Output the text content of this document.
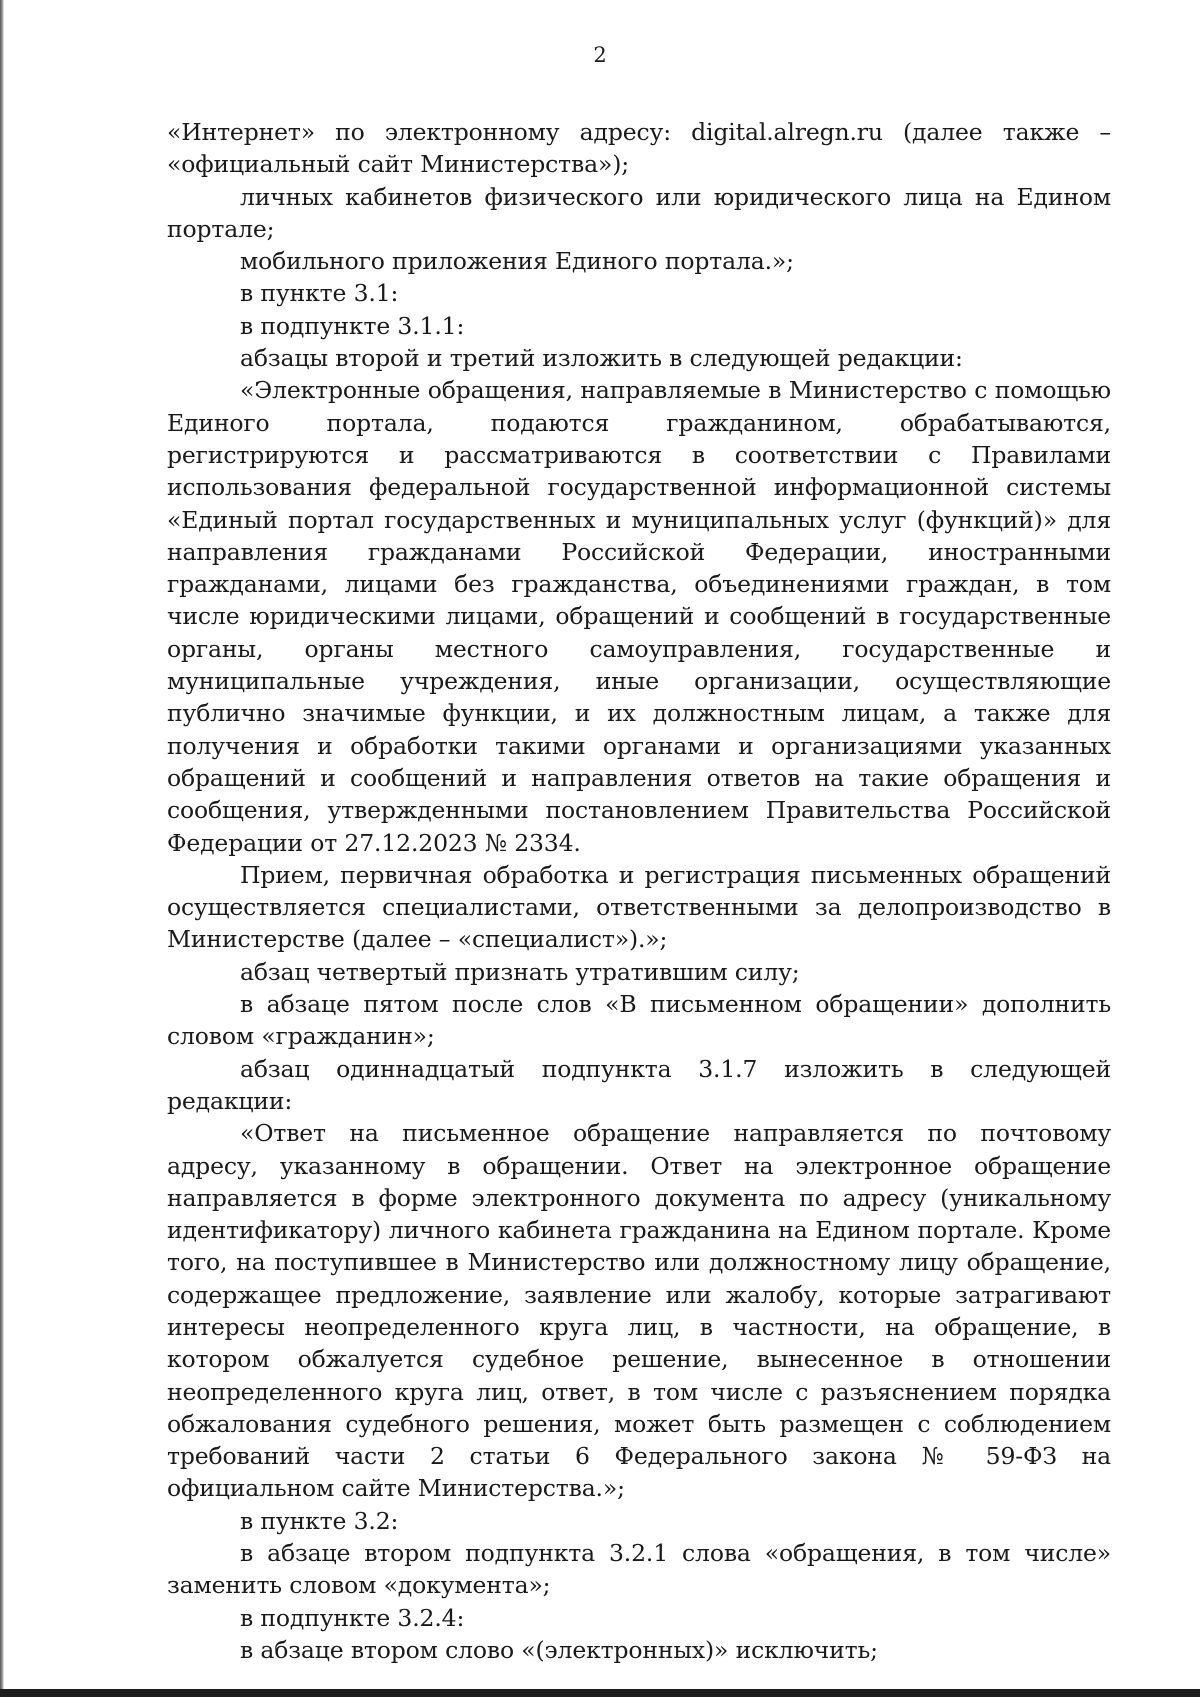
2

«Интернет» по электронному адресу: digital.alregn.ru (далее также – «официальный сайт Министерства»);

личных кабинетов физического или юридического лица на Едином портале;

мобильного приложения Единого портала.»;

в пункте 3.1:

в подпункте 3.1.1:

абзацы второй и третий изложить в следующей редакции:

«Электронные обращения, направляемые в Министерство с помощью Единого портала, подаются гражданином, обрабатываются, регистрируются и рассматриваются в соответствии с Правилами использования федеральной государственной информационной системы «Единый портал государственных и муниципальных услуг (функций)» для направления гражданами Российской Федерации, иностранными гражданами, лицами без гражданства, объединениями граждан, в том числе юридическими лицами, обращений и сообщений в государственные органы, органы местного самоуправления, государственные и муниципальные учреждения, иные организации, осуществляющие публично значимые функции, и их должностным лицам, а также для получения и обработки такими органами и организациями указанных обращений и сообщений и направления ответов на такие обращения и сообщения, утвержденными постановлением Правительства Российской Федерации от 27.12.2023 № 2334.

Прием, первичная обработка и регистрация письменных обращений осуществляется специалистами, ответственными за делопроизводство в Министерстве (далее – «специалист»).»;

абзац четвертый признать утратившим силу;

в абзаце пятом после слов «В письменном обращении» дополнить словом «гражданин»;

абзац одиннадцатый подпункта 3.1.7 изложить в следующей редакции:

«Ответ на письменное обращение направляется по почтовому адресу, указанному в обращении. Ответ на электронное обращение направляется в форме электронного документа по адресу (уникальному идентификатору) личного кабинета гражданина на Едином портале. Кроме того, на поступившее в Министерство или должностному лицу обращение, содержащее предложение, заявление или жалобу, которые затрагивают интересы неопределенного круга лиц, в частности, на обращение, в котором обжалуется судебное решение, вынесенное в отношении неопределенного круга лиц, ответ, в том числе с разъяснением порядка обжалования судебного решения, может быть размещен с соблюдением требований части 2 статьи 6 Федерального закона № 59-ФЗ на официальном сайте Министерства.»;

в пункте 3.2:

в абзаце втором подпункта 3.2.1 слова «обращения, в том числе» заменить словом «документа»;

в подпункте 3.2.4:

в абзаце втором слово «(электронных)» исключить;
